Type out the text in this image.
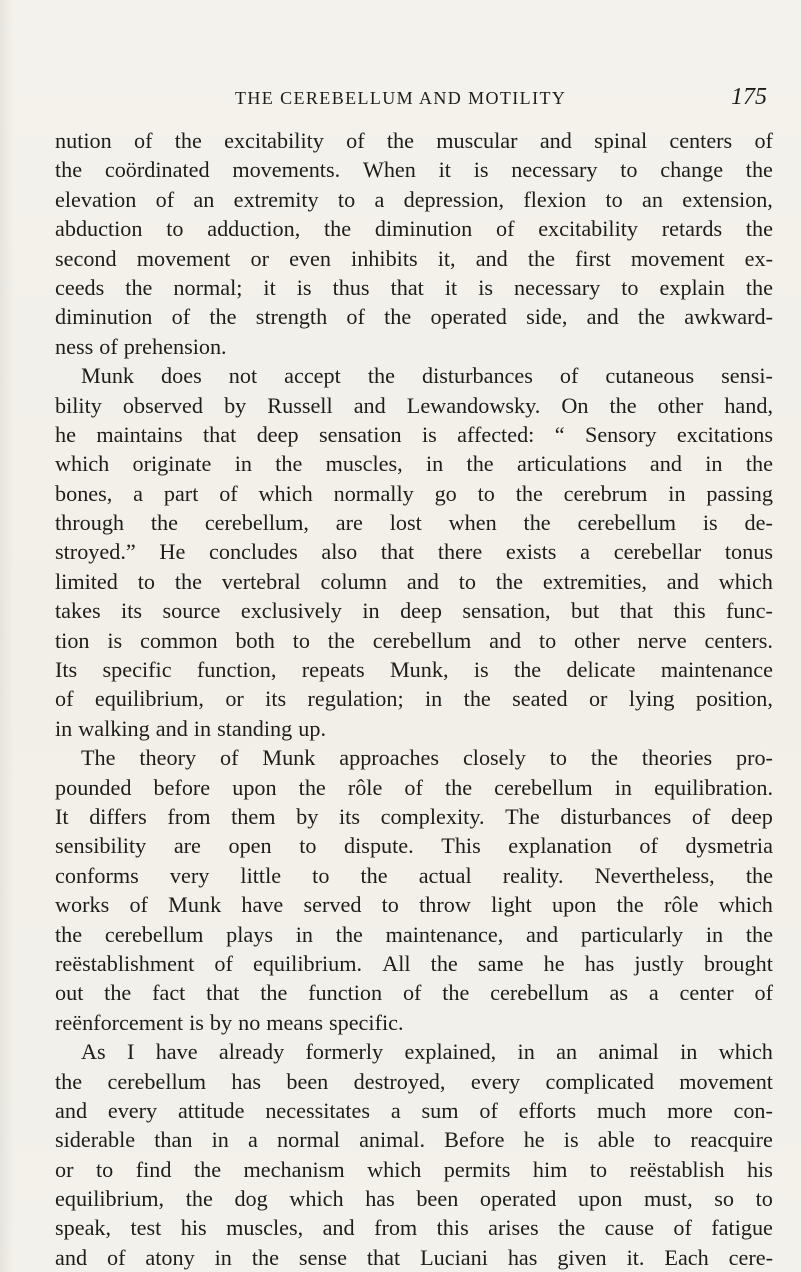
THE CEREBELLUM AND MOTILITY	175
nution of the excitability of the muscular and spinal centers of
the coördinated movements. When it is necessary to change the
elevation of an extremity to a depression, flexion to an extension,
abduction to adduction, the diminution of excitability retards the
second movement or even inhibits it, and the first movement ex-
ceeds the normal; it is thus that it is necessary to explain the
diminution of the strength of the operated side, and the awkward-
ness of prehension.
Munk does not accept the disturbances of cutaneous sensi-
bility observed by Russell and Lewandowsky. On the other hand,
he maintains that deep sensation is affected: “ Sensory excitations
which originate in the muscles, in the articulations and in the
bones, a part of which normally go to the cerebrum in passing
through the cerebellum, are lost when the cerebellum is de-
stroyed.” He concludes also that there exists a cerebellar tonus
limited to the vertebral column and to the extremities, and which
takes its source exclusively in deep sensation, but that this func-
tion is common both to the cerebellum and to other nerve centers.
Its specific function, repeats Munk, is the delicate maintenance
of equilibrium, or its regulation; in the seated or lying position,
in walking and in standing up.
The theory of Munk approaches closely to the theories pro-
pounded before upon the rôle of the cerebellum in equilibration.
It differs from them by its complexity. The disturbances of deep
sensibility are open to dispute. This explanation of dysmetria
conforms very little to the actual reality. Nevertheless, the
works of Munk have served to throw light upon the rôle which
the cerebellum plays in the maintenance, and particularly in the
reëstablishment of equilibrium. All the same he has justly brought
out the fact that the function of the cerebellum as a center of
reënforcement is by no means specific.
As I have already formerly explained, in an animal in which
the cerebellum has been destroyed, every complicated movement
and every attitude necessitates a sum of efforts much more con-
siderable than in a normal animal. Before he is able to reacquire
or to find the mechanism which permits him to reëstablish his
equilibrium, the dog which has been operated upon must, so to
speak, test his muscles, and from this arises the cause of fatigue
and of atony in the sense that Luciani has given it. Each cere-
